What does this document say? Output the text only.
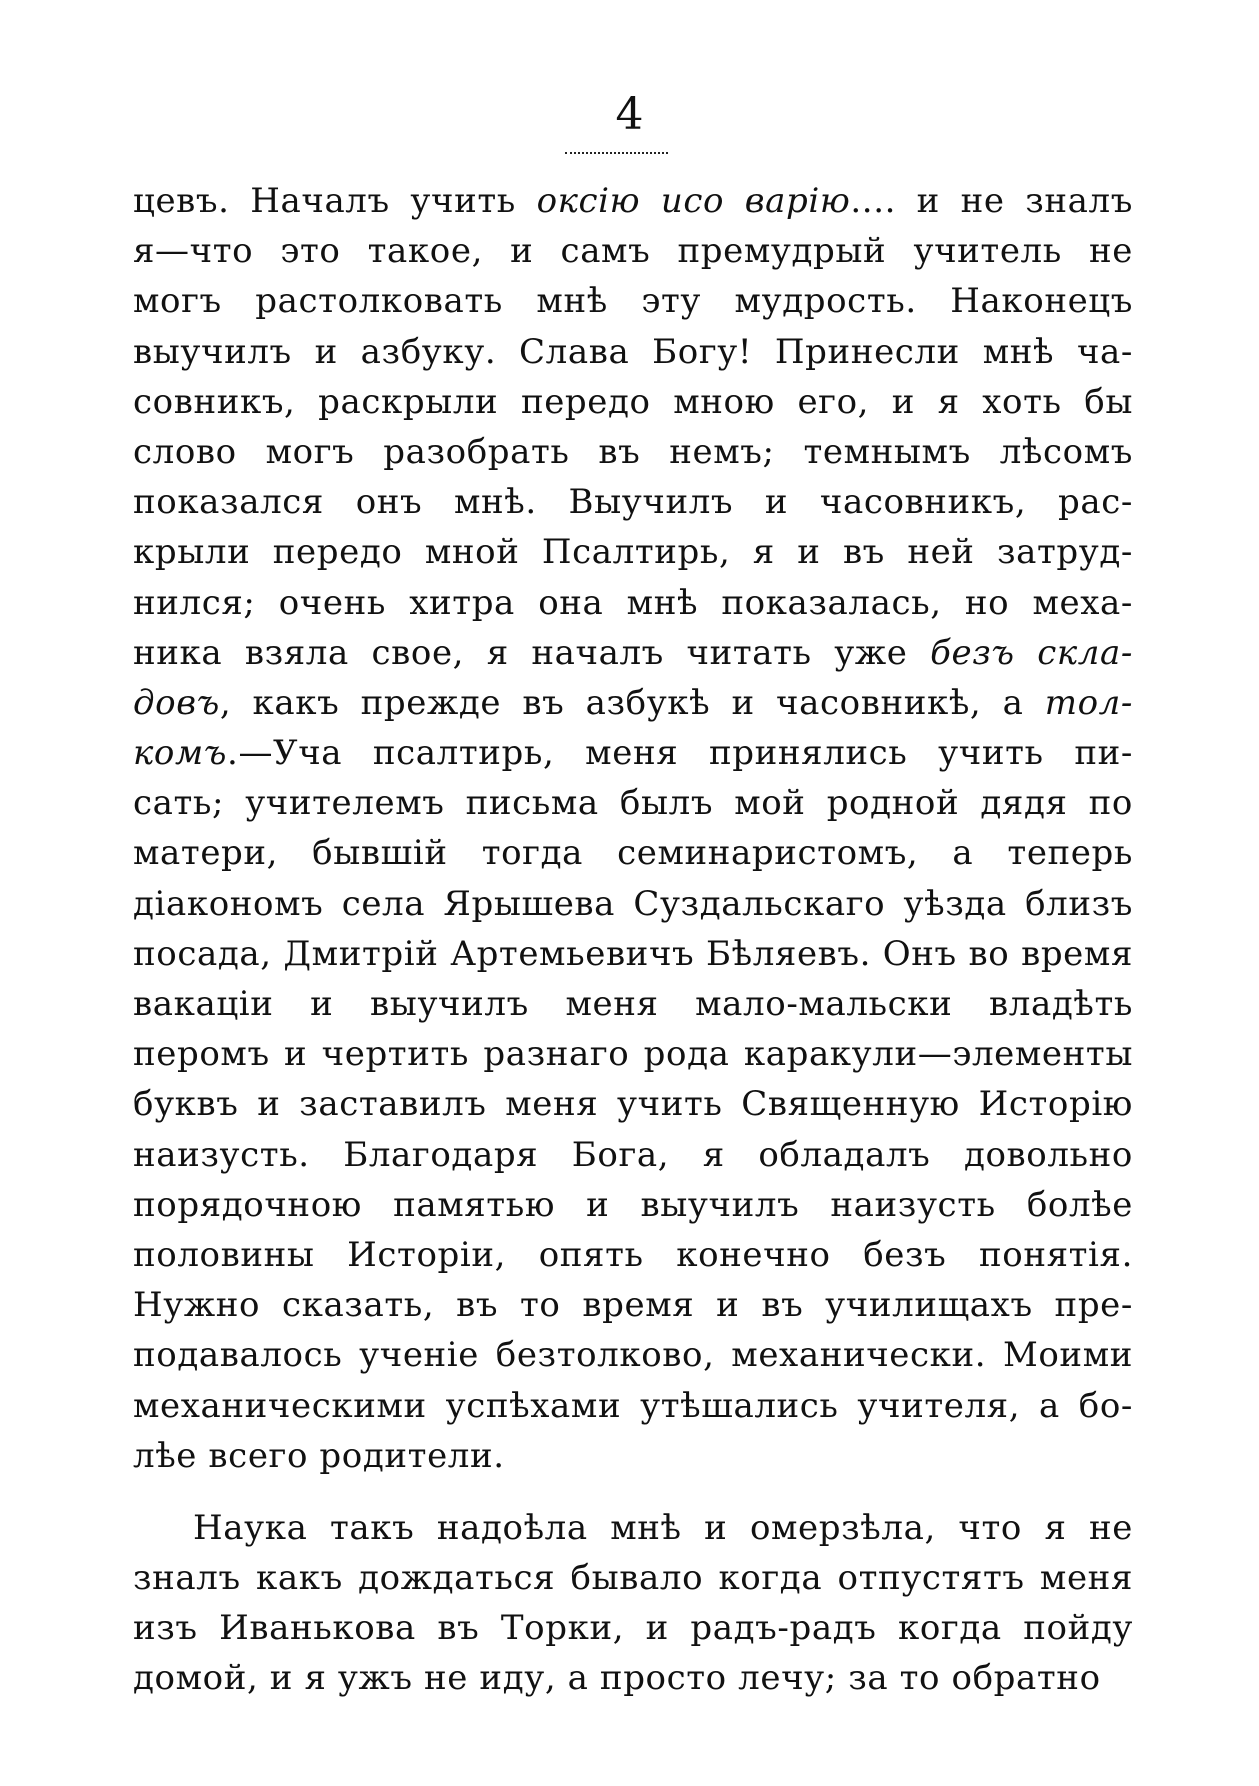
4
цевъ. Началъ учить оксiю исо варiю.... и не зналъ
я—что это такое, и самъ премудрый учитель не
могъ растолковать мнѣ эту мудрость. Наконецъ
выучилъ и азбуку. Слава Богу! Принесли мнѣ ча-
совникъ, раскрыли передо мною его, и я хоть бы
слово могъ разобрать въ немъ; темнымъ лѣсомъ
показался онъ мнѣ. Выучилъ и часовникъ, рас-
крыли передо мной Псалтирь, я и въ ней затруд-
нился; очень хитра она мнѣ показалась, но меха-
ника взяла свое, я началъ читать уже безъ скла-
довъ, какъ прежде въ азбукѣ и часовникѣ, а тол-
комъ.—Уча псалтирь, меня принялись учить пи-
сать; учителемъ письма былъ мой родной дядя по
матери, бывшiй тогда семинаристомъ, а теперь
дiакономъ села Ярышева Суздальскаго уѣзда близъ
посада, Дмитрiй Артемьевичъ Бѣляевъ. Онъ во время
вакацiи и выучилъ меня мало-мальски владѣть
перомъ и чертить разнаго рода каракули—элементы
буквъ и заставилъ меня учить Священную Исторiю
наизусть. Благодаря Бога, я обладалъ довольно
порядочною памятью и выучилъ наизусть болѣе
половины Исторiи, опять конечно безъ понятiя.
Нужно сказать, въ то время и въ училищахъ пре-
подавалось ученiе безтолково, механически. Моими
механическими успѣхами утѣшались учителя, а бо-
лѣе всего родители.
Наука такъ надоѣла мнѣ и омерзѣла, что я не
зналъ какъ дождаться бывало когда отпустятъ меня
изъ Иванькова въ Торки, и радъ-радъ когда пойду
домой, и я ужъ не иду, а просто лечу; за то обратно
